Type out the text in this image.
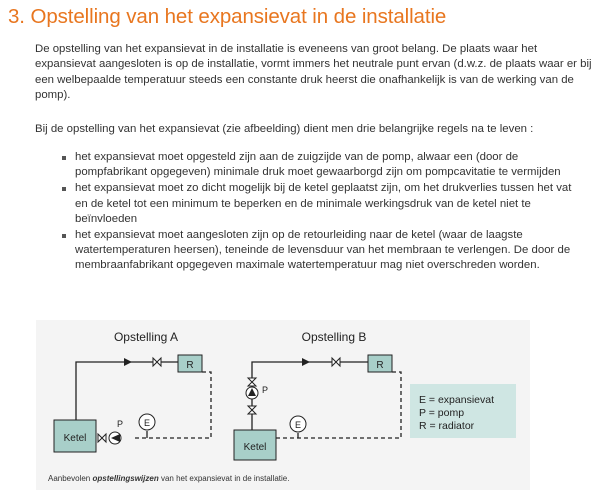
3. Opstelling van het expansievat in de installatie

De opstelling van het expansievat in de installatie is eveneens van groot belang. De plaats waar het expansievat aangesloten is op de installatie, vormt immers het neutrale punt ervan (d.w.z. de plaats waar er bij een welbepaalde temperatuur steeds een constante druk heerst die onafhankelijk is van de werking van de pomp).

Bij de opstelling van het expansievat (zie afbeelding) dient men drie belangrijke regels na te leven :

het expansievat moet opgesteld zijn aan de zuigzijde van de pomp, alwaar een (door de pompfabrikant opgegeven) minimale druk moet gewaarborgd zijn om pompcavitatie te vermijden
het expansievat moet zo dicht mogelijk bij de ketel geplaatst zijn, om het drukverlies tussen het vat en de ketel tot een minimum te beperken en de minimale werkingsdruk van de ketel niet te beïnvloeden
het expansievat moet aangesloten zijn op de retourleiding naar de ketel (waar de laagste watertemperaturen heersen), teneinde de levensduur van het membraan te verlengen. De door de membraanfabrikant opgegeven maximale watertemperatuur mag niet overschreden worden.
R	R
Ketel
Ketel
P
P
E	E
Opstelling A	Opstelling B
E = expansievat
P = pomp
R = radiator

Aanbevolen opstellingswijzen van het expansievat in de installatie.
